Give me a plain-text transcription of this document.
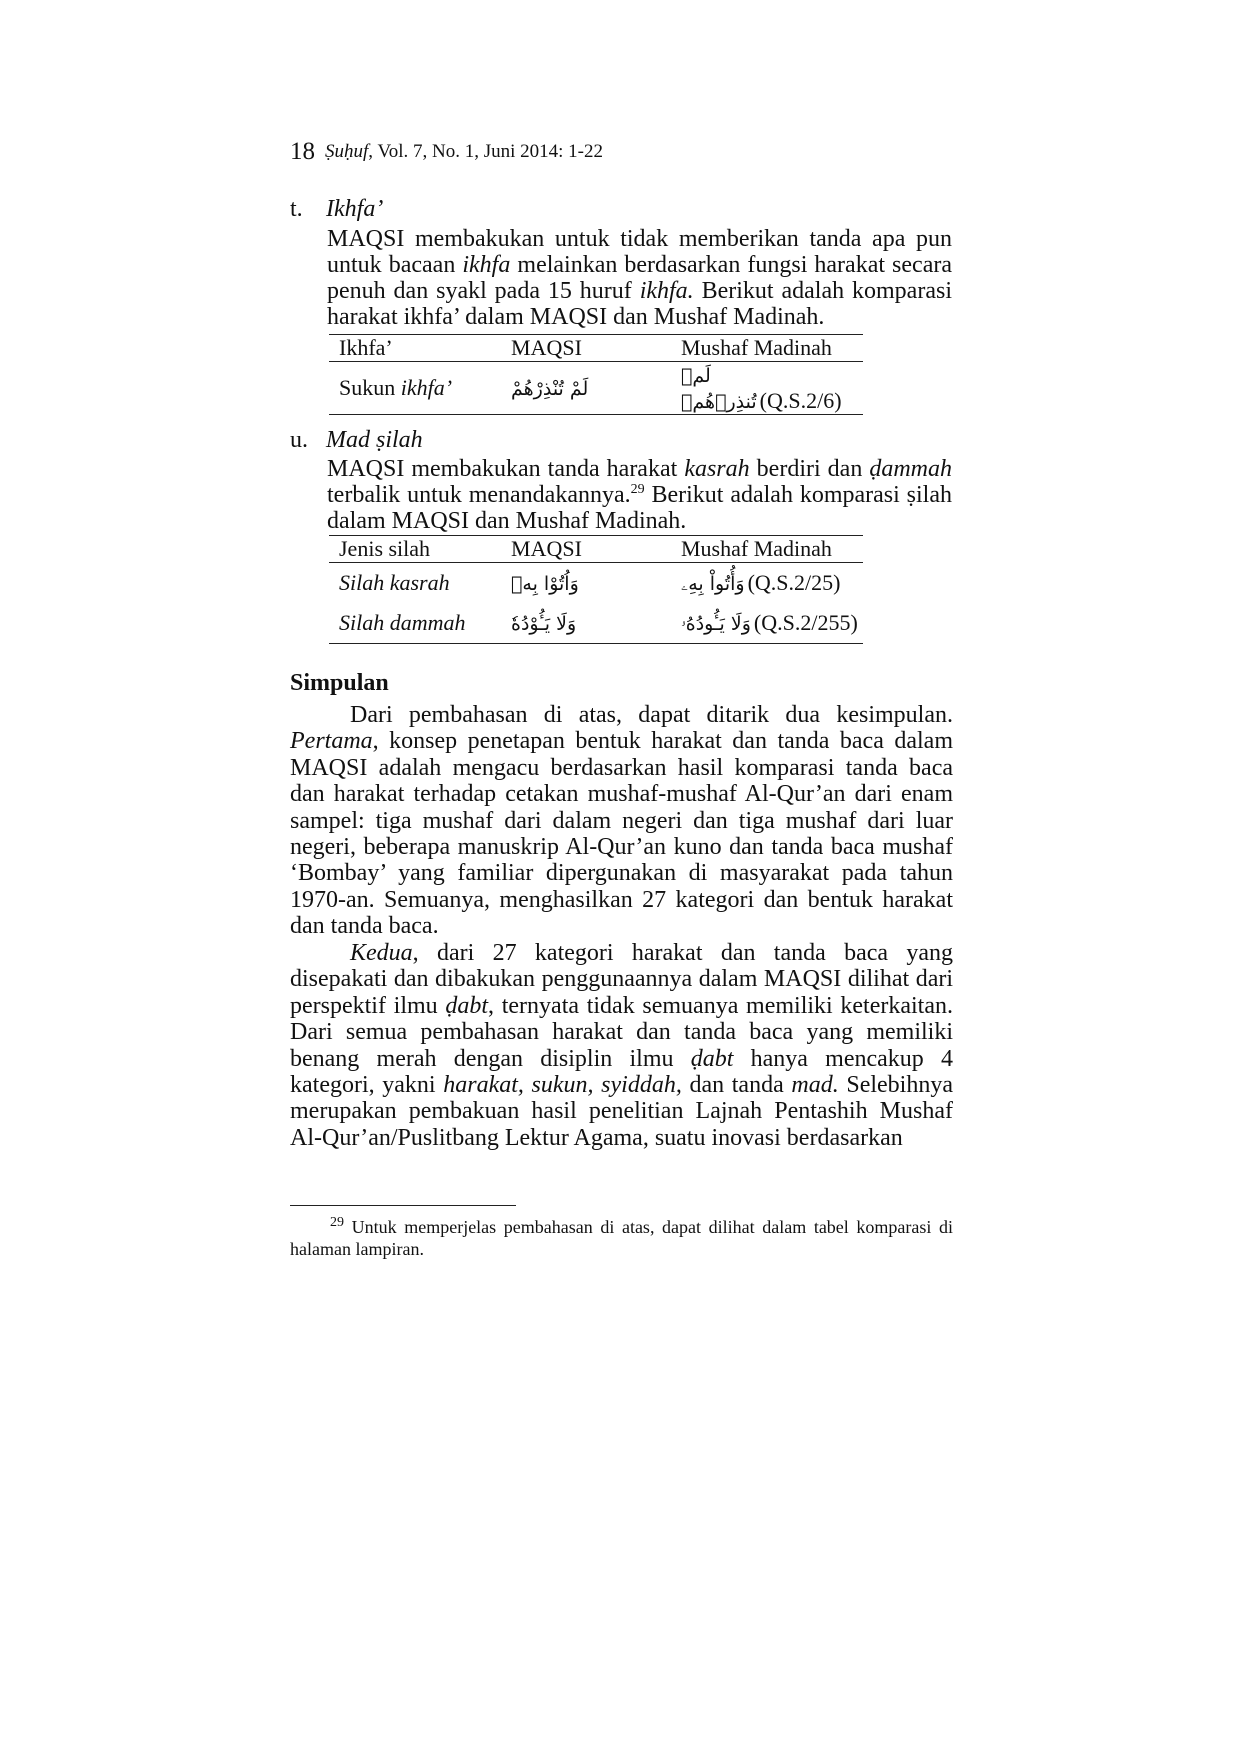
18 Ṣuḥuf, Vol. 7, No. 1, Juni 2014: 1-22
t. Ikhfa’

MAQSI membakukan untuk tidak memberikan tanda apa pun untuk bacaan ikhfa melainkan berdasarkan fungsi harakat secara penuh dan syakl pada 15 huruf ikhfa. Berikut adalah komparasi harakat ikhfa’ dalam MAQSI dan Mushaf Madinah.

Ikhfa’	MAQSI	Mushaf Madinah
Sukun ikhfa’	لَمْ تُنْذِرْهُمْ	لَمۡ تُنذِرۡهُمۡ (Q.S.2/6)
u. Mad ṣilah

MAQSI membakukan tanda harakat kasrah berdiri dan ḍammah terbalik untuk menandakannya.$^{29}$ Berikut adalah komparasi ṣilah dalam MAQSI dan Mushaf Madinah.

Jenis silah	MAQSI	Mushaf Madinah
Silah kasrah	وَاُتُوْا بِهٖ	وَأُتُواْ بِهِۦ (Q.S.2/25)
Silah dammah	وَلَا يَـُٔوْدُهٗ	وَلَا يَـُٔودُهُۥ (Q.S.2/255)
Simpulan

Dari pembahasan di atas, dapat ditarik dua kesimpulan. Pertama, konsep penetapan bentuk harakat dan tanda baca dalam MAQSI adalah mengacu berdasarkan hasil komparasi tanda baca dan harakat terhadap cetakan mushaf-mushaf Al-Qur’an dari enam sampel: tiga mushaf dari dalam negeri dan tiga mushaf dari luar negeri, beberapa manuskrip Al-Qur’an kuno dan tanda baca mushaf ‘Bombay’ yang familiar dipergunakan di masyarakat pada tahun 1970-an. Semuanya, menghasilkan 27 kategori dan bentuk harakat dan tanda baca.

Kedua, dari 27 kategori harakat dan tanda baca yang disepakati dan dibakukan penggunaannya dalam MAQSI dilihat dari perspektif ilmu ḍabt, ternyata tidak semuanya memiliki keterkaitan. Dari semua pembahasan harakat dan tanda baca yang memiliki benang merah dengan disiplin ilmu ḍabt hanya mencakup 4 kategori, yakni harakat, sukun, syiddah, dan tanda mad. Selebihnya merupakan pembakuan hasil penelitian Lajnah Pentashih Mushaf Al-Qur’an/Puslitbang Lektur Agama, suatu inovasi berdasarkan

$^{29}$ Untuk memperjelas pembahasan di atas, dapat dilihat dalam tabel komparasi di halaman lampiran.
